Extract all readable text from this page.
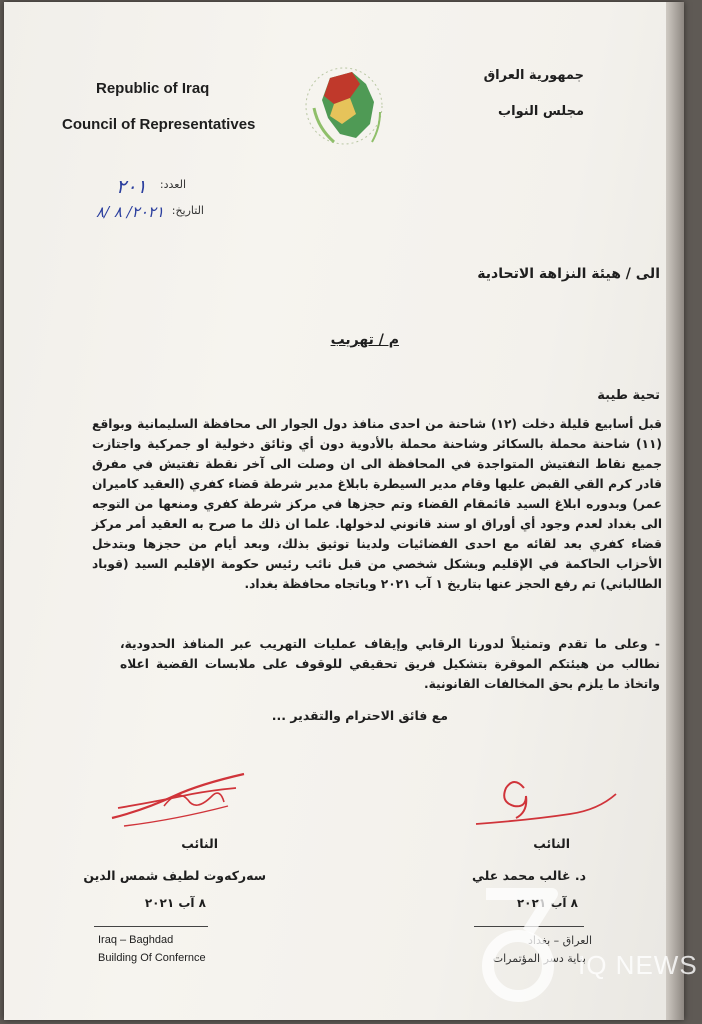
Republic of Iraq
Council of Representatives
جمهورية العراق
مجلس النواب
العدد:
٢٠١
التاريخ:
٢٠٢١/ ٨ /٨
الى / هيئة النزاهة الاتحادية
م / تهريب
تحية طيبة
قبل أسابيع قليلة دخلت (١٢) شاحنة من احدى منافذ دول الجوار الى محافظة السليمانية وبواقع (١١) شاحنة محملة بالسكائر وشاحنة محملة بالأدوية دون أي وثائق دخولية او جمركية واجتازت جميع نقاط التفتيش المتواجدة في المحافظة الى ان وصلت الى آخر نقطة تفتيش في مفرق قادر كرم القي القبض عليها وقام مدير السيطرة بابلاغ مدير شرطة قضاء كفري (العقيد كاميران عمر) وبدوره ابلاغ السيد قائمقام القضاء وتم حجزها في مركز شرطة كفري ومنعها من التوجه الى بغداد لعدم وجود أي أوراق او سند قانوني لدخولها. علما ان ذلك ما صرح به العقيد أمر مركز قضاء كفري بعد لقائه مع احدى الفضائيات ولدينا توثيق بذلك، وبعد أيام من حجزها وبتدخل الأحزاب الحاكمة في الإقليم وبشكل شخصي من قبل نائب رئيس حكومة الإقليم السيد (قوباد الطالباني) تم رفع الحجز عنها بتاريخ ١ آب ٢٠٢١ وباتجاه محافظة بغداد.
- وعلى ما تقدم وتمثيلاً لدورنا الرقابي وإيقاف عمليات التهريب عبر المنافذ الحدودية، نطالب من هيئتكم الموقرة بتشكيل فريق تحقيقي للوقوف على ملابسات القضية اعلاه واتخاذ ما يلزم بحق المخالفات القانونية.
مع فائق الاحترام والتقدير ...
النائب
سەرکەوت لطيف شمس الدين
٨ آب ٢٠٢١
النائب
د. غالب محمد علي
٨ آب ٢٠٢١
Iraq – Baghdad
Building Of Confernce
العراق – بغداد
بناية دسر المؤتمرات
IQ NEWS
